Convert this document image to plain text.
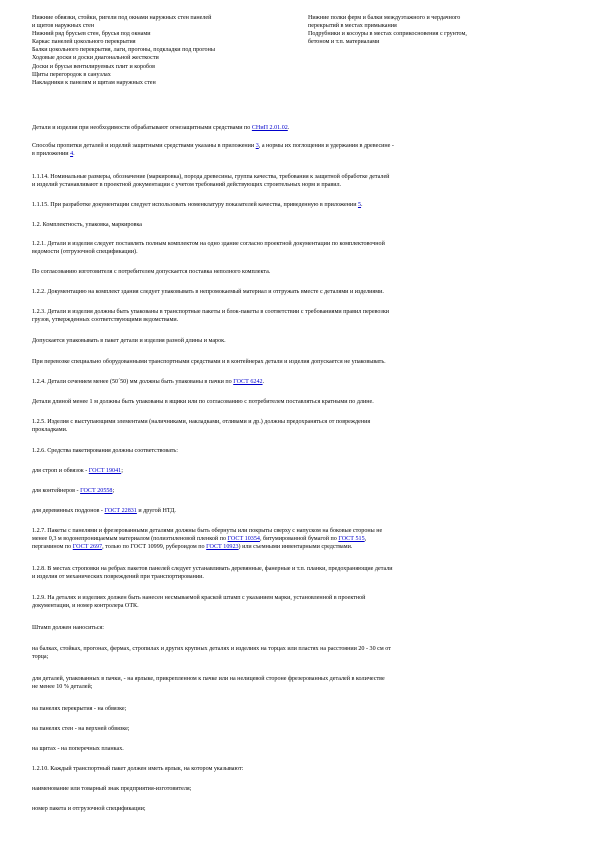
Нижние обвязки, стойки, ригели под окнами наружных стен панелей
и щитов наружных стен
Нижний ряд брусьев стен, брусья под окнами
Каркас панелей цокольного перекрытия
Балки цокольного перекрытия, лаги, прогоны, подкладки под прогоны
Ходовые доски и доски диагональной жесткости
Доски и брусья вентилируемых плит и коробов
Щиты перегородок в санузлах
Накладники к панелям и щитам наружных стен
Нижние полки ферм и балки междуэтажного и чердачного
перекрытий в местах примыкания
Подрубники и косоуры в местах соприкосновения с грунтом,
бетоном и т.п. материалами
Детали и изделия при необходимости обрабатывают огнезащитными средствами по СНиП 2.01.02.
Способы пропитки деталей и изделий защитными средствами указаны в приложении 3, а нормы их поглощения и удержания в древесине -
в приложении 4.
1.1.14. Номинальные размеры, обозначение (маркировка), порода древесины, группа качества, требования к защитной обработке деталей
и изделий устанавливают в проектной документации с учетом требований действующих строительных норм и правил.
1.1.15. При разработке документации следует использовать номенклатуру показателей качества, приведенную в приложении 5.
1.2. Комплектность, упаковка, маркировка
1.2.1. Детали и изделия следует поставлять полным комплектом на одно здание согласно проектной документации по комплектовочной
ведомости (отгрузочной спецификации).
По согласованию изготовителя с потребителем допускается поставка неполного комплекта.
1.2.2. Документацию на комплект здания следует упаковывать в непромокаемый материал и отгружать вместе с деталями и изделиями.
1.2.3. Детали и изделия должны быть упакованы в транспортные пакеты и блок-пакеты в соответствии с требованиями правил перевозки
грузов, утвержденных соответствующими ведомствами.
Допускается упаковывать в пакет детали и изделия разной длины и марок.
При перевозке специально оборудованными транспортными средствами и в контейнерах детали и изделия допускается не упаковывать.
1.2.4. Детали сечением менее (50´50) мм должны быть упакованы в пачки по ГОСТ 6242.
Детали длиной менее 1 м должны быть упакованы в ящики или по согласованию с потребителем поставляться кратными по длине.
1.2.5. Изделия с выступающими элементами (наличниками, накладками, отливами и др.) должны предохраняться от повреждения
прокладками.
1.2.6. Средства пакетирования должны соответствовать:
для строп и обвязок - ГОСТ 19041;
для контейнеров - ГОСТ 20558;
для деревянных поддонов - ГОСТ 22831 и другой НТД.
1.2.7. Пакеты с панелями и фрезерованными деталями должны быть обернуты или покрыты сверху с напуском на боковые стороны не
менее 0,3 м водонепроницаемым материалом (полиэтиленовой пленкой по ГОСТ 10354, битумированной бумагой по ГОСТ 515,
пергамином по ГОСТ 2697, толью по ГОСТ 10999, рубероидом по ГОСТ 10923) или съемными инвентарными средствами.
1.2.8. В местах строповки на ребрах пакетов панелей следует устанавливать деревянные, фанерные и т.п. планки, предохраняющие детали
и изделия от механических повреждений при транспортировании.
1.2.9. На деталях и изделиях должен быть нанесен несмываемой краской штамп с указанием марки, установленной в проектной
документации, и номер контролера ОТК.
Штамп должен наноситься:
на балках, стойках, прогонах, фермах, стропилах и других крупных деталях и изделиях на торцах или пластях на расстоянии 20 - 30 см от
торца;
для деталей, упакованных в пачки, - на ярлыке, прикрепленном к пачке или на нелицевой стороне фрезерованных деталей в количестве
не менее 10 % деталей;
на панелях перекрытия - на обвязке;
на панелях стен - на верхней обвязке;
на щитах - на поперечных планках.
1.2.10. Каждый транспортный пакет должен иметь ярлык, на котором указывают:
наименование или товарный знак предприятия-изготовителя;
номер пакета и отгрузочной спецификации;
